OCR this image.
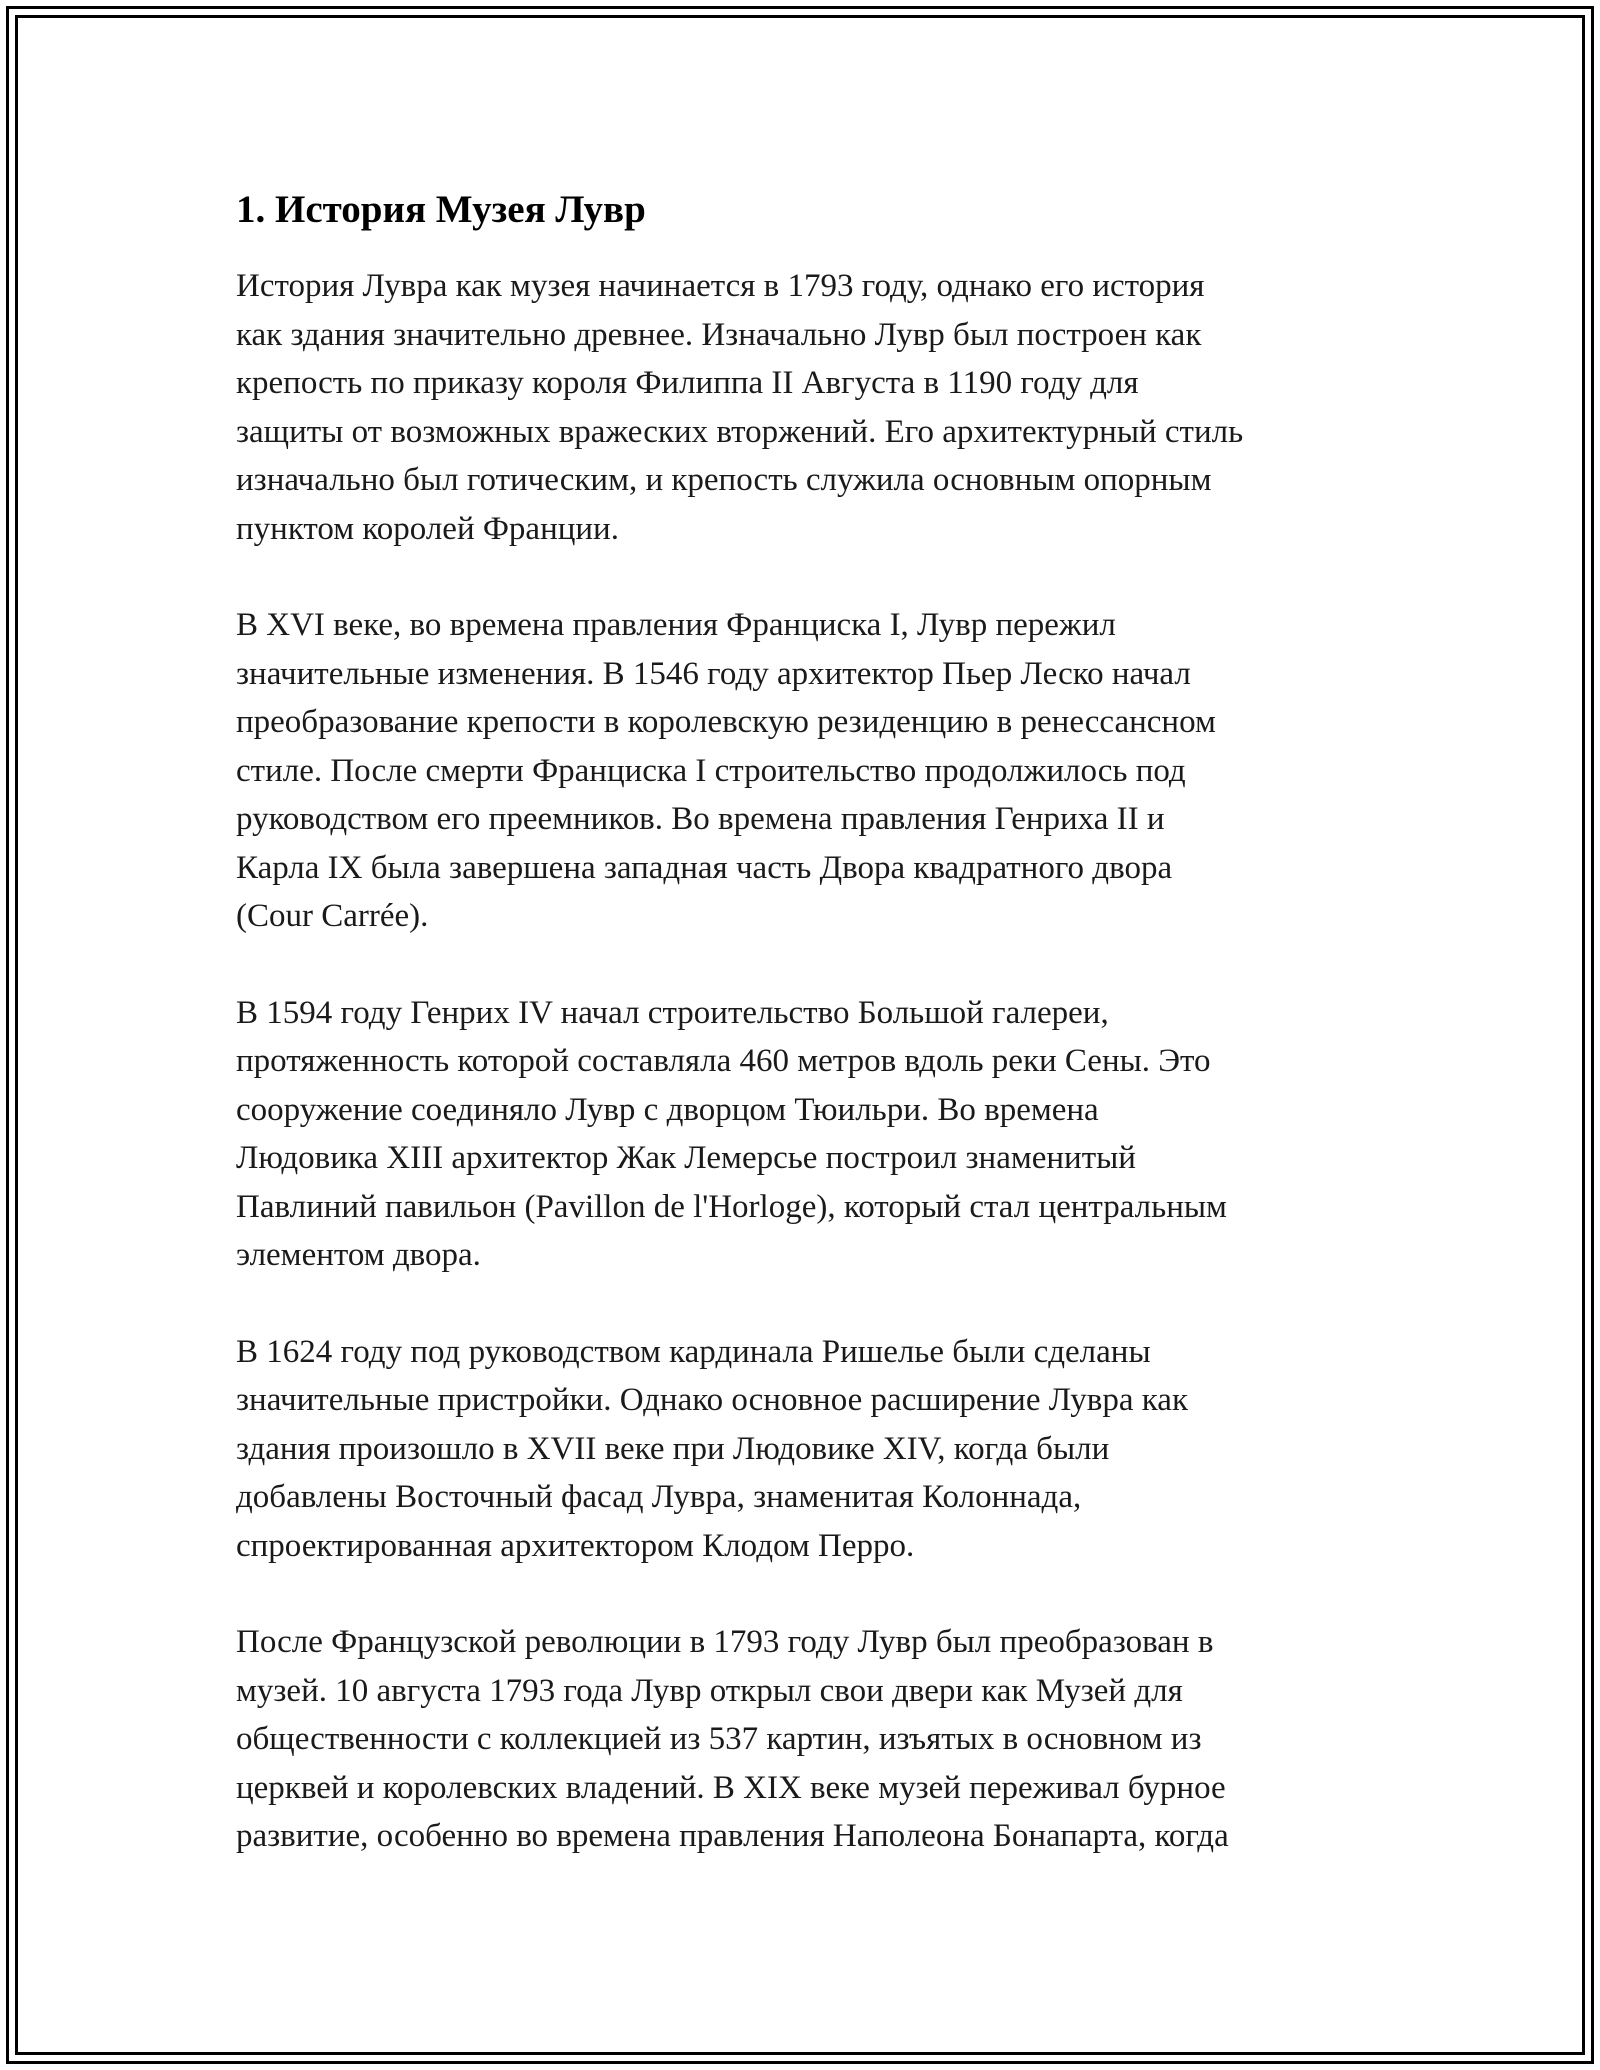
1. История Музея Лувр

История Лувра как музея начинается в 1793 году, однако его история
как здания значительно древнее. Изначально Лувр был построен как
крепость по приказу короля Филиппа II Августа в 1190 году для
защиты от возможных вражеских вторжений. Его архитектурный стиль
изначально был готическим, и крепость служила основным опорным
пунктом королей Франции.

В XVI веке, во времена правления Франциска I, Лувр пережил
значительные изменения. В 1546 году архитектор Пьер Леско начал
преобразование крепости в королевскую резиденцию в ренессансном
стиле. После смерти Франциска I строительство продолжилось под
руководством его преемников. Во времена правления Генриха II и
Карла IX была завершена западная часть Двора квадратного двора
(Cour Carrée).

В 1594 году Генрих IV начал строительство Большой галереи,
протяженность которой составляла 460 метров вдоль реки Сены. Это
сооружение соединяло Лувр с дворцом Тюильри. Во времена
Людовика XIII архитектор Жак Лемерсье построил знаменитый
Павлиний павильон (Pavillon de l'Horloge), который стал центральным
элементом двора.

В 1624 году под руководством кардинала Ришелье были сделаны
значительные пристройки. Однако основное расширение Лувра как
здания произошло в XVII веке при Людовике XIV, когда были
добавлены Восточный фасад Лувра, знаменитая Колоннада,
спроектированная архитектором Клодом Перро.

После Французской революции в 1793 году Лувр был преобразован в
музей. 10 августа 1793 года Лувр открыл свои двери как Музей для
общественности с коллекцией из 537 картин, изъятых в основном из
церквей и королевских владений. В XIX веке музей переживал бурное
развитие, особенно во времена правления Наполеона Бонапарта, когда
